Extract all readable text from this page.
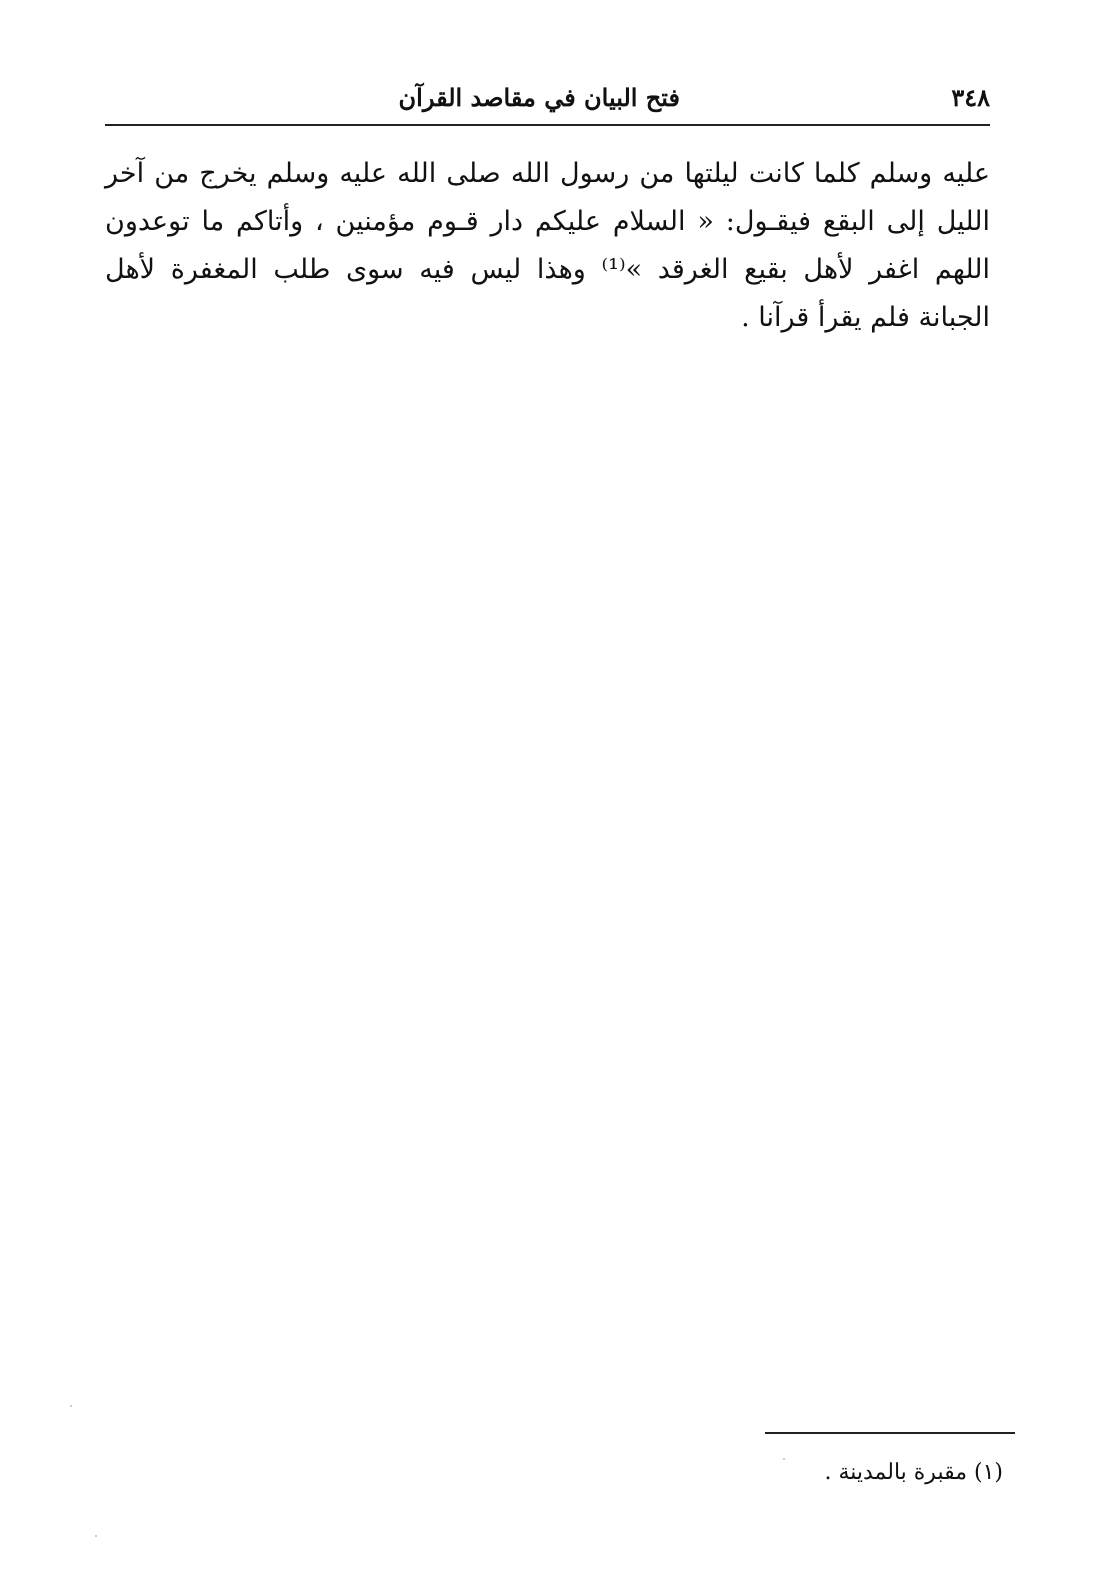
٣٤٨
فتح البيان في مقاصد القرآن
عليه وسلم كلما كانت ليلتها من رسول الله صلى الله عليه وسلم يخرج من آخر
الليل إلى البقع فيقـول: « السلام عليكم دار قـوم مؤمنين ، وأتاكم ما توعدون
اللهم اغفر لأهل بقيع الغرقد »⁽¹⁾ وهذا ليس فيه سوى طلب المغفرة لأهل
الجبانة فلم يقرأ قرآنا .
(١) مقبرة بالمدينة .
